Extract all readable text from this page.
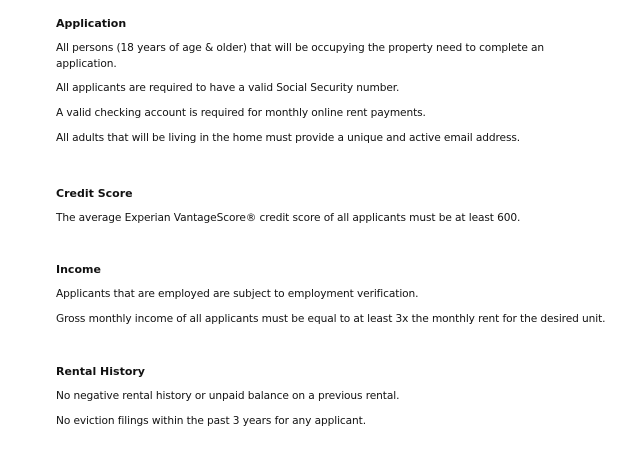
Application
All persons (18 years of age & older) that will be occupying the property need to complete an
application.
All applicants are required to have a valid Social Security number.
A valid checking account is required for monthly online rent payments.
All adults that will be living in the home must provide a unique and active email address.
Credit Score
The average Experian VantageScore® credit score of all applicants must be at least 600.
Income
Applicants that are employed are subject to employment verification.
Gross monthly income of all applicants must be equal to at least 3x the monthly rent for the desired unit.
Rental History
No negative rental history or unpaid balance on a previous rental.
No eviction filings within the past 3 years for any applicant.
